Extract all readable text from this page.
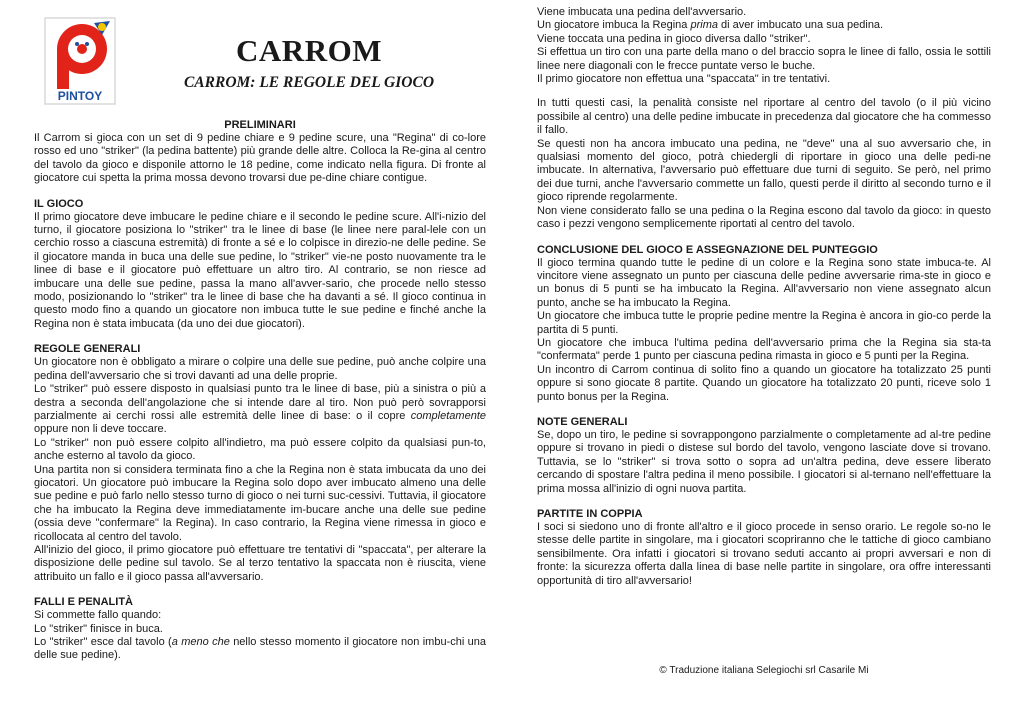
PINTOY
CARROM
CARROM: LE REGOLE DEL GIOCO
PRELIMINARI

Il Carrom si gioca con un set di 9 pedine chiare e 9 pedine scure, una "Regina" di co-lore rosso ed uno "striker" (la pedina battente) più grande delle altre. Colloca la Re-gina al centro del tavolo da gioco e disponile attorno le 18 pedine, come indicato nella figura. Di fronte al giocatore cui spetta la prima mossa devono trovarsi due pe-dine chiare contigue.

IL GIOCO

Il primo giocatore deve imbucare le pedine chiare e il secondo le pedine scure. All'i-nizio del turno, il giocatore posiziona lo "striker" tra le linee di base (le linee nere paral-lele con un cerchio rosso a ciascuna estremità) di fronte a sé e lo colpisce in direzio-ne delle pedine. Se il giocatore manda in buca una delle sue pedine, lo "striker" vie-ne posto nuovamente tra le linee di base e il giocatore può effettuare un altro tiro. Al contrario, se non riesce ad imbucare una delle sue pedine, passa la mano all'avver-sario, che procede nello stesso modo, posizionando lo "striker" tra le linee di base che ha davanti a sé. Il gioco continua in questo modo fino a quando un giocatore non imbuca tutte le sue pedine e finché anche la Regina non è stata imbucata (da uno dei due giocatori).

REGOLE GENERALI

Un giocatore non è obbligato a mirare o colpire una delle sue pedine, può anche colpire una pedina dell'avversario che si trovi davanti ad una delle proprie.

Lo "striker" può essere disposto in qualsiasi punto tra le linee di base, più a sinistra o più a destra a seconda dell'angolazione che si intende dare al tiro. Non può però sovrapporsi parzialmente ai cerchi rossi alle estremità delle linee di base: o il copre completamente oppure non li deve toccare.

Lo "striker" non può essere colpito all'indietro, ma può essere colpito da qualsiasi pun-to, anche esterno al tavolo da gioco.

Una partita non si considera terminata fino a che la Regina non è stata imbucata da uno dei giocatori. Un giocatore può imbucare la Regina solo dopo aver imbucato almeno una delle sue pedine e può farlo nello stesso turno di gioco o nei turni suc-cessivi. Tuttavia, il giocatore che ha imbucato la Regina deve immediatamente im-bucare anche una delle sue pedine (ossia deve "confermare" la Regina). In caso contrario, la Regina viene rimessa in gioco e ricollocata al centro del tavolo.

All'inizio del gioco, il primo giocatore può effettuare tre tentativi di "spaccata", per alterare la disposizione delle pedine sul tavolo. Se al terzo tentativo la spaccata non è riuscita, viene attribuito un fallo e il gioco passa all'avversario.

FALLI E PENALITÀ

Si commette fallo quando:

Lo "striker" finisce in buca.

Lo "striker" esce dal tavolo (a meno che nello stesso momento il giocatore non imbu-chi una delle sue pedine).

Viene imbucata una pedina dell'avversario.

Un giocatore imbuca la Regina prima di aver imbucato una sua pedina.

Viene toccata una pedina in gioco diversa dallo "striker".

Si effettua un tiro con una parte della mano o del braccio sopra le linee di fallo, ossia le sottili linee nere diagonali con le frecce puntate verso le buche.

Il primo giocatore non effettua una "spaccata" in tre tentativi.

In tutti questi casi, la penalità consiste nel riportare al centro del tavolo (o il più vicino possibile al centro) una delle pedine imbucate in precedenza dal giocatore che ha commesso il fallo.

Se questi non ha ancora imbucato una pedina, ne "deve" una al suo avversario che, in qualsiasi momento del gioco, potrà chiedergli di riportare in gioco una delle pedi-ne imbucate. In alternativa, l'avversario può effettuare due turni di seguito. Se però, nel primo dei due turni, anche l'avversario commette un fallo, questi perde il diritto al secondo turno e il gioco riprende regolarmente.

Non viene considerato fallo se una pedina o la Regina escono dal tavolo da gioco: in questo caso i pezzi vengono semplicemente riportati al centro del tavolo.

CONCLUSIONE DEL GIOCO E ASSEGNAZIONE DEL PUNTEGGIO

Il gioco termina quando tutte le pedine di un colore e la Regina sono state imbuca-te. Al vincitore viene assegnato un punto per ciascuna delle pedine avversarie rima-ste in gioco e un bonus di 5 punti se ha imbucato la Regina. All'avversario non viene assegnato alcun punto, anche se ha imbucato la Regina.

Un giocatore che imbuca tutte le proprie pedine mentre la Regina è ancora in gio-co perde la partita di 5 punti.

Un giocatore che imbuca l'ultima pedina dell'avversario prima che la Regina sia sta-ta "confermata" perde 1 punto per ciascuna pedina rimasta in gioco e 5 punti per la Regina.

Un incontro di Carrom continua di solito fino a quando un giocatore ha totalizzato 25 punti oppure si sono giocate 8 partite. Quando un giocatore ha totalizzato 20 punti, riceve solo 1 punto bonus per la Regina.

NOTE GENERALI

Se, dopo un tiro, le pedine si sovrappongono parzialmente o completamente ad al-tre pedine oppure si trovano in piedi o distese sul bordo del tavolo, vengono lasciate dove si trovano. Tuttavia, se lo "striker" si trova sotto o sopra ad un'altra pedina, deve essere liberato cercando di spostare l'altra pedina il meno possibile. I giocatori si al-ternano nell'effettuare la prima mossa all'inizio di ogni nuova partita.

PARTITE IN COPPIA

I soci si siedono uno di fronte all'altro e il gioco procede in senso orario. Le regole so-no le stesse delle partite in singolare, ma i giocatori scopriranno che le tattiche di gioco cambiano sensibilmente. Ora infatti i giocatori si trovano seduti accanto ai propri avversari e non di fronte: la sicurezza offerta dalla linea di base nelle partite in singolare, ora offre interessanti opportunità di tiro all'avversario!

© Traduzione italiana Selegiochi srl Casarile Mi
